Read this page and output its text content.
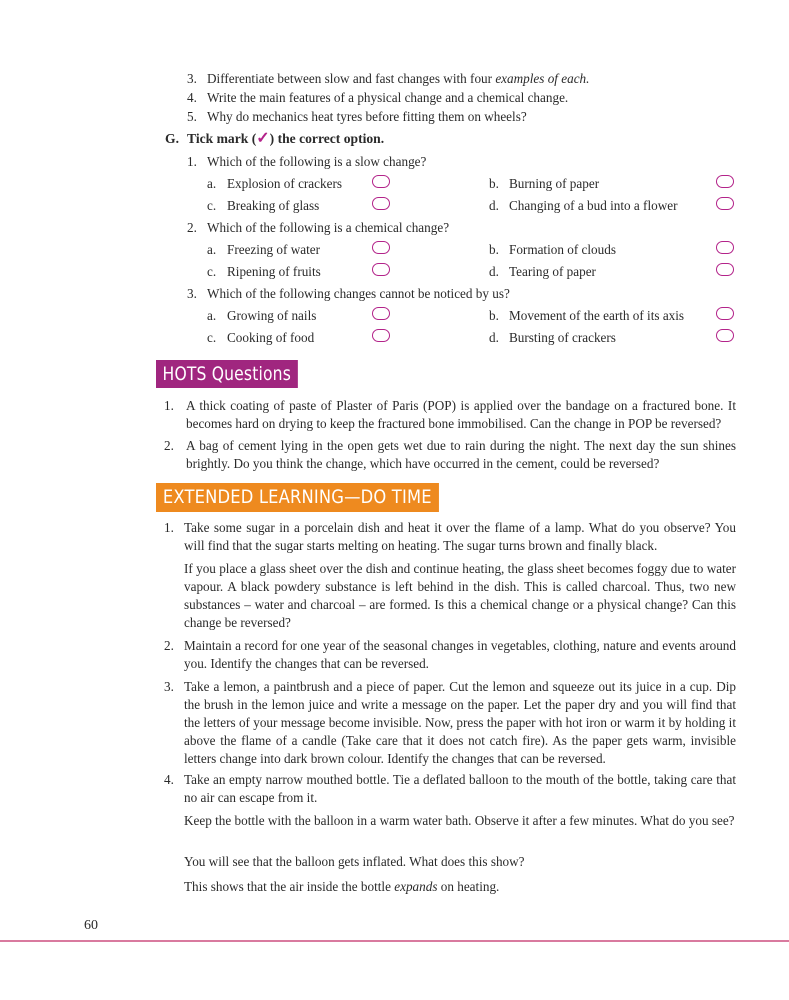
3. Differentiate between slow and fast changes with four examples of each.
4. Write the main features of a physical change and a chemical change.
5. Why do mechanics heat tyres before fitting them on wheels?
G. Tick mark (✓) the correct option.
1. Which of the following is a slow change?
a. Explosion of crackers	b. Burning of paper
c. Breaking of glass	d. Changing of a bud into a flower
2. Which of the following is a chemical change?
a. Freezing of water	b. Formation of clouds
c. Ripening of fruits	d. Tearing of paper
3. Which of the following changes cannot be noticed by us?
a. Growing of nails	b. Movement of the earth of its axis
c. Cooking of food	d. Bursting of crackers
HOTS Questions
1. A thick coating of paste of Plaster of Paris (POP) is applied over the bandage on a fractured bone. It becomes hard on drying to keep the fractured bone immobilised. Can the change in POP be reversed?
2. A bag of cement lying in the open gets wet due to rain during the night. The next day the sun shines brightly. Do you think the change, which have occurred in the cement, could be reversed?
EXTENDED LEARNING—DO TIME
1. Take some sugar in a porcelain dish and heat it over the flame of a lamp. What do you observe? You will find that the sugar starts melting on heating. The sugar turns brown and finally black.
If you place a glass sheet over the dish and continue heating, the glass sheet becomes foggy due to water vapour. A black powdery substance is left behind in the dish. This is called charcoal. Thus, two new substances – water and charcoal – are formed. Is this a chemical change or a physical change? Can this change be reversed?
2. Maintain a record for one year of the seasonal changes in vegetables, clothing, nature and events around you. Identify the changes that can be reversed.
3. Take a lemon, a paintbrush and a piece of paper. Cut the lemon and squeeze out its juice in a cup. Dip the brush in the lemon juice and write a message on the paper. Let the paper dry and you will find that the letters of your message become invisible. Now, press the paper with hot iron or warm it by holding it above the flame of a candle (Take care that it does not catch fire). As the paper gets warm, invisible letters change into dark brown colour. Identify the changes that can be reversed.
4. Take an empty narrow mouthed bottle. Tie a deflated balloon to the mouth of the bottle, taking care that no air can escape from it.
Keep the bottle with the balloon in a warm water bath. Observe it after a few minutes. What do you see?
You will see that the balloon gets inflated. What does this show?
This shows that the air inside the bottle expands on heating.
60
